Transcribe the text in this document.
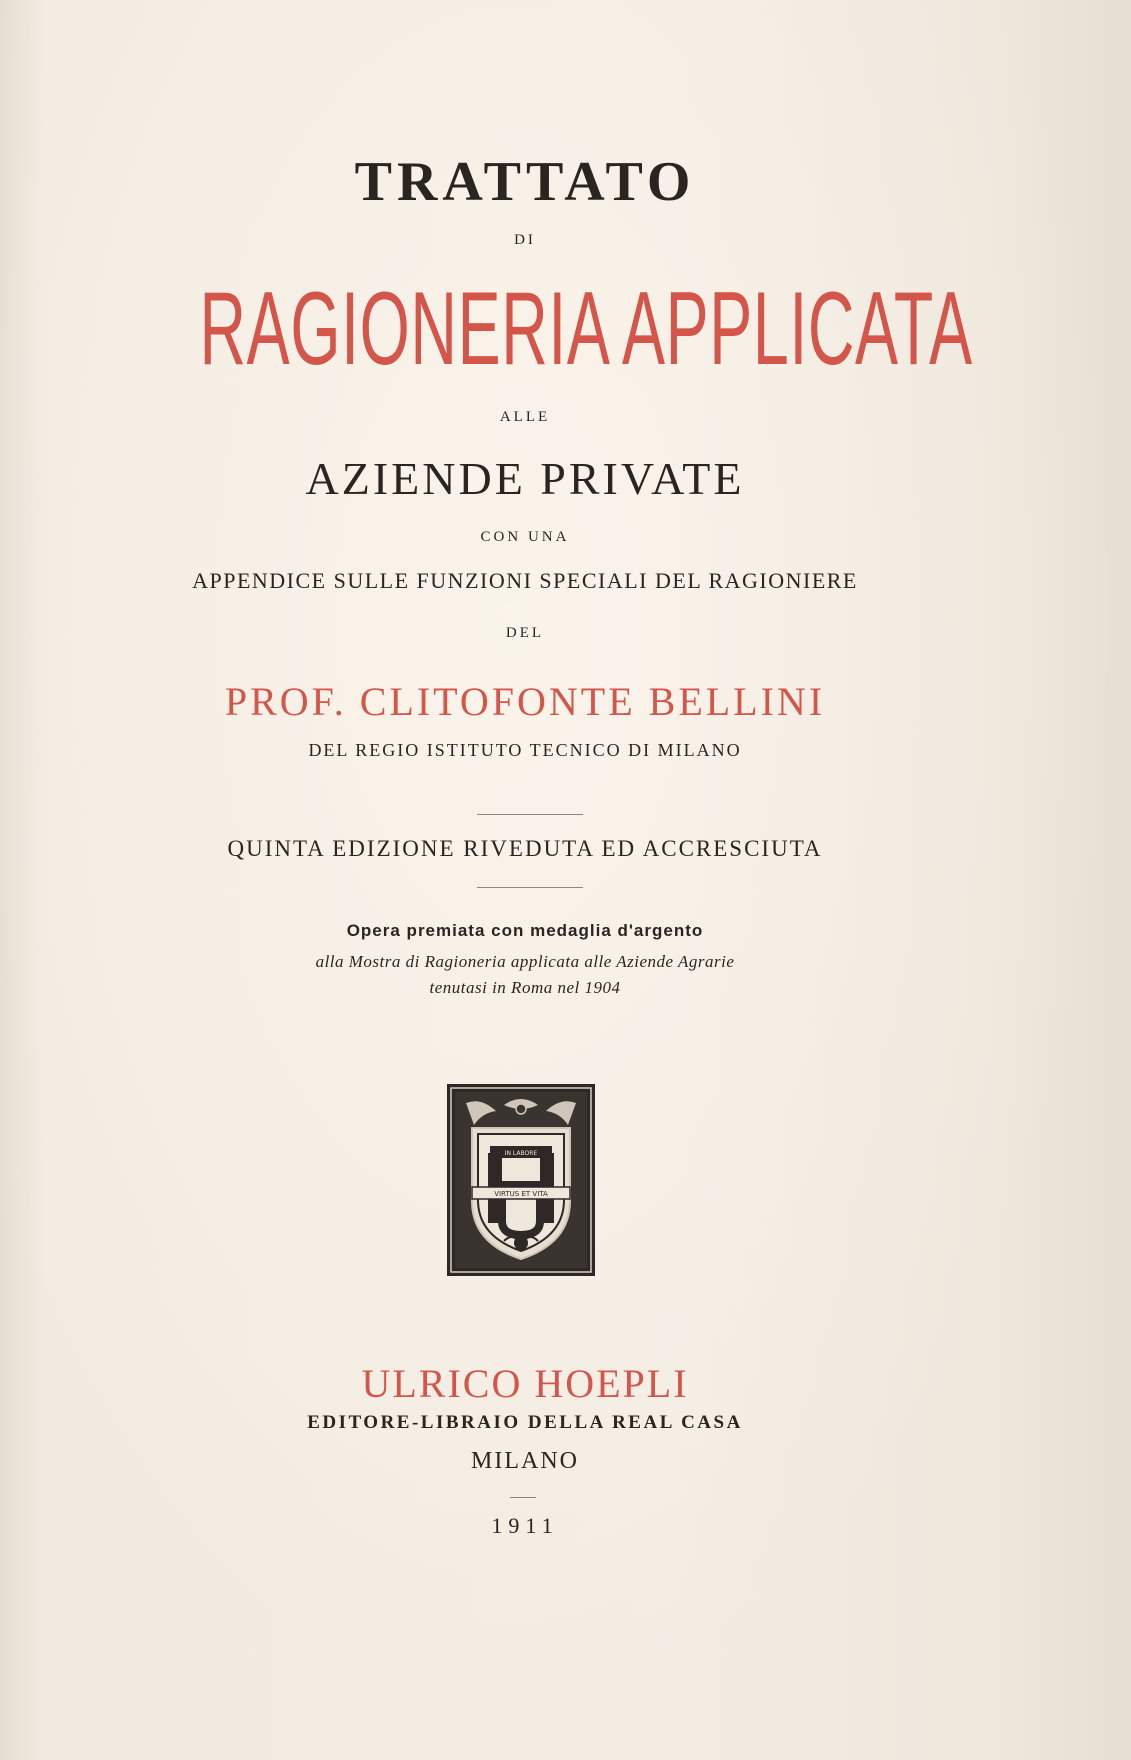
TRATTATO
DI
RAGIONERIA APPLICATA
ALLE
AZIENDE PRIVATE
CON UNA
APPENDICE SULLE FUNZIONI SPECIALI DEL RAGIONIERE
DEL
PROF. CLITOFONTE BELLINI
DEL REGIO ISTITUTO TECNICO DI MILANO
QUINTA EDIZIONE RIVEDUTA ED ACCRESCIUTA
Opera premiata con medaglia d'argento
alla Mostra di Ragioneria applicata alle Aziende Agrarie
tenutasi in Roma nel 1904
IN LABORE
VIRTUS ET VITA
ULRICO HOEPLI
EDITORE-LIBRAIO DELLA REAL CASA
MILANO
1911
